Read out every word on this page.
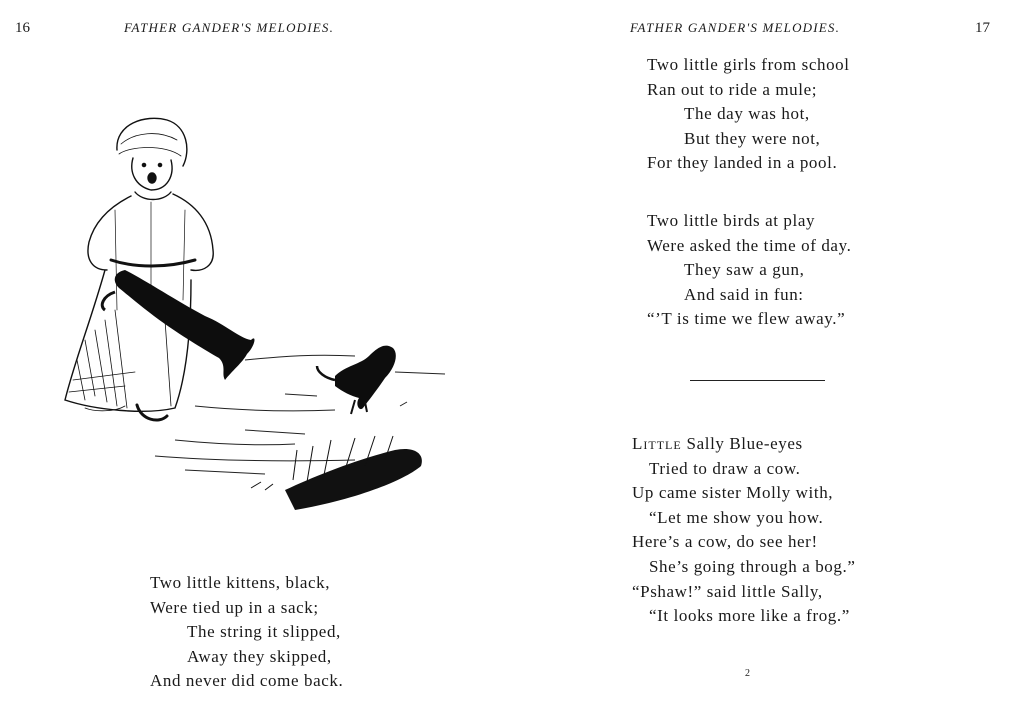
16	FATHER GANDER'S MELODIES.
Two little kittens, black,
Were tied up in a sack;
The string it slipped,
Away they skipped,
And never did come back.
FATHER GANDER'S MELODIES.	17
Two little girls from school
Ran out to ride a mule;
The day was hot,
But they were not,
For they landed in a pool.
Two little birds at play
Were asked the time of day.
They saw a gun,
And said in fun:
“’T is time we flew away.”
Little Sally Blue-eyes
Tried to draw a cow.
Up came sister Molly with,
“Let me show you how.
Here’s a cow, do see her!
She’s going through a bog.”
“Pshaw!” said little Sally,
“It looks more like a frog.”
2
